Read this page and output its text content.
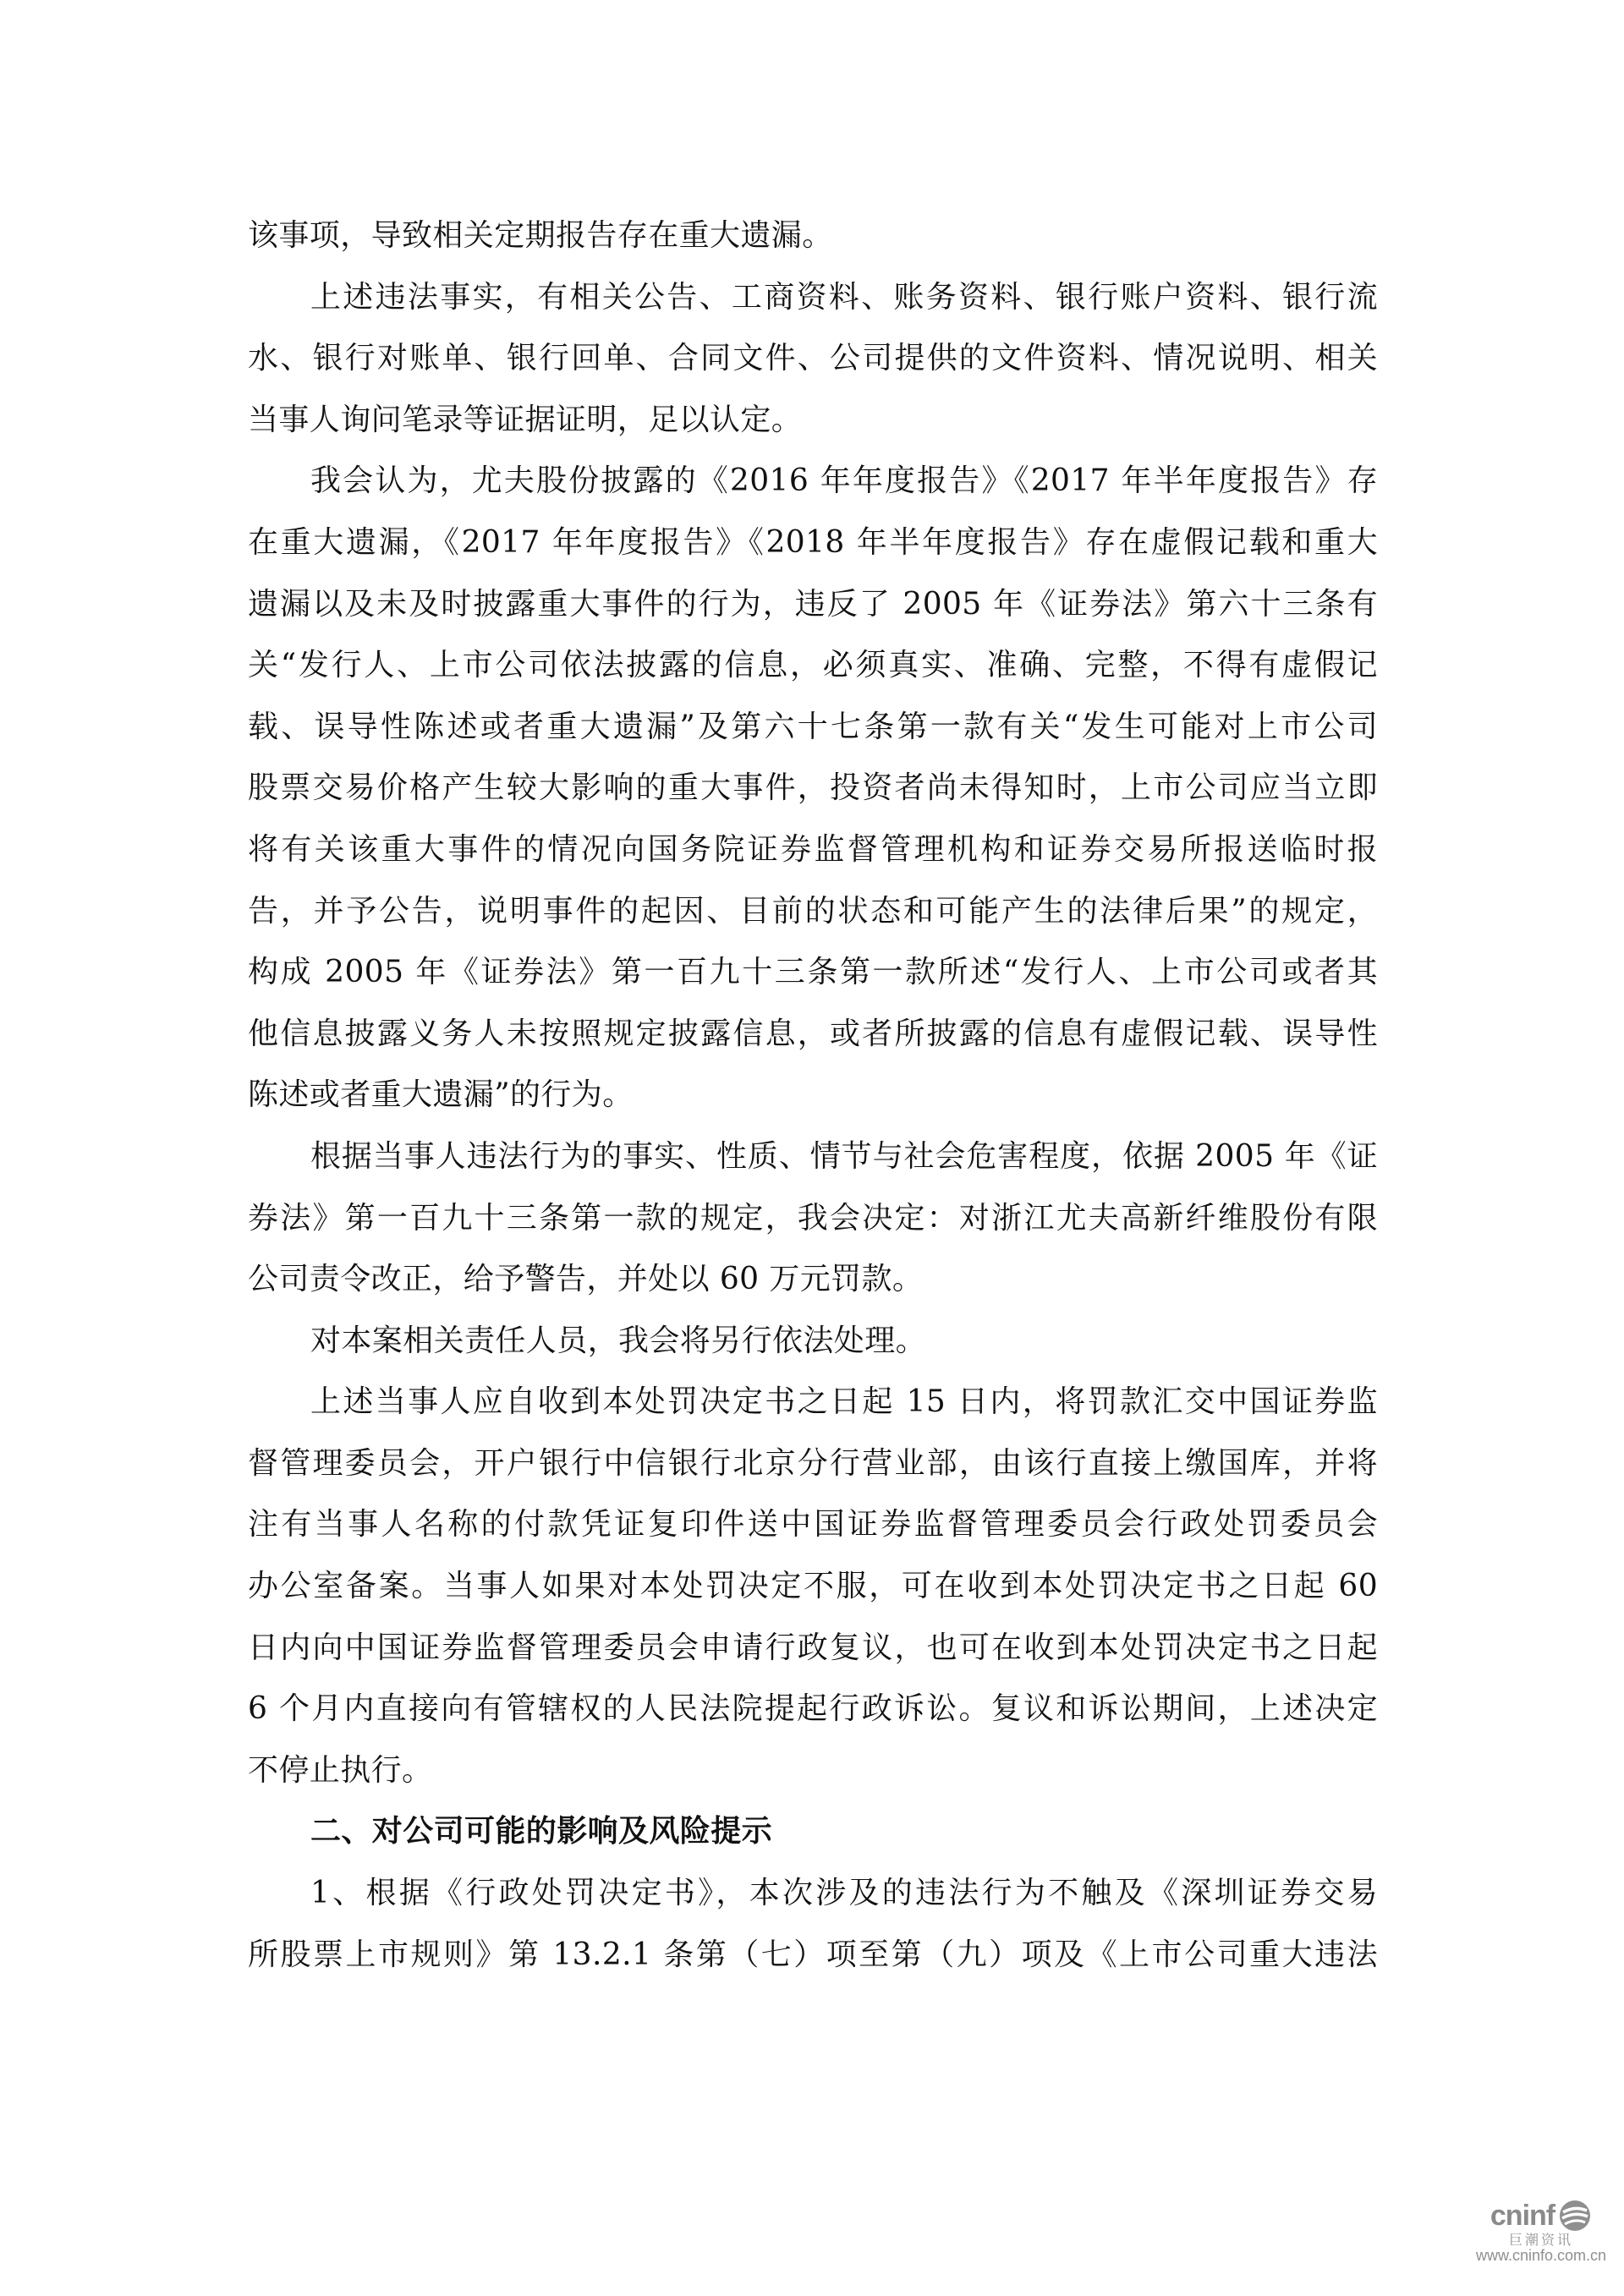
该事项，导致相关定期报告存在重大遗漏。

上述违法事实，有相关公告、工商资料、账务资料、银行账户资料、银行流
水、银行对账单、银行回单、合同文件、公司提供的文件资料、情况说明、相关
当事人询问笔录等证据证明，足以认定。

我会认为，尤夫股份披露的《2016 年年度报告》《2017 年半年度报告》存
在重大遗漏，《2017 年年度报告》《2018 年半年度报告》存在虚假记载和重大
遗漏以及未及时披露重大事件的行为，违反了 2005 年《证券法》第六十三条有
关“发行人、上市公司依法披露的信息，必须真实、准确、完整，不得有虚假记
载、误导性陈述或者重大遗漏”及第六十七条第一款有关“发生可能对上市公司
股票交易价格产生较大影响的重大事件，投资者尚未得知时，上市公司应当立即
将有关该重大事件的情况向国务院证券监督管理机构和证券交易所报送临时报
告，并予公告，说明事件的起因、目前的状态和可能产生的法律后果”的规定，
构成 2005 年《证券法》第一百九十三条第一款所述“发行人、上市公司或者其
他信息披露义务人未按照规定披露信息，或者所披露的信息有虚假记载、误导性
陈述或者重大遗漏”的行为。

根据当事人违法行为的事实、性质、情节与社会危害程度，依据 2005 年《证
券法》第一百九十三条第一款的规定，我会决定：对浙江尤夫高新纤维股份有限
公司责令改正，给予警告，并处以 60 万元罚款。

对本案相关责任人员，我会将另行依法处理。

上述当事人应自收到本处罚决定书之日起 15 日内，将罚款汇交中国证券监
督管理委员会，开户银行中信银行北京分行营业部，由该行直接上缴国库，并将
注有当事人名称的付款凭证复印件送中国证券监督管理委员会行政处罚委员会
办公室备案。当事人如果对本处罚决定不服，可在收到本处罚决定书之日起 60
日内向中国证券监督管理委员会申请行政复议，也可在收到本处罚决定书之日起
6 个月内直接向有管辖权的人民法院提起行政诉讼。复议和诉讼期间，上述决定
不停止执行。

二、对公司可能的影响及风险提示

1、根据《行政处罚决定书》，本次涉及的违法行为不触及《深圳证券交易
所股票上市规则》第 13.2.1 条第（七）项至第（九）项及《上市公司重大违法

cninf
巨潮资讯
www.cninfo.com.cn
